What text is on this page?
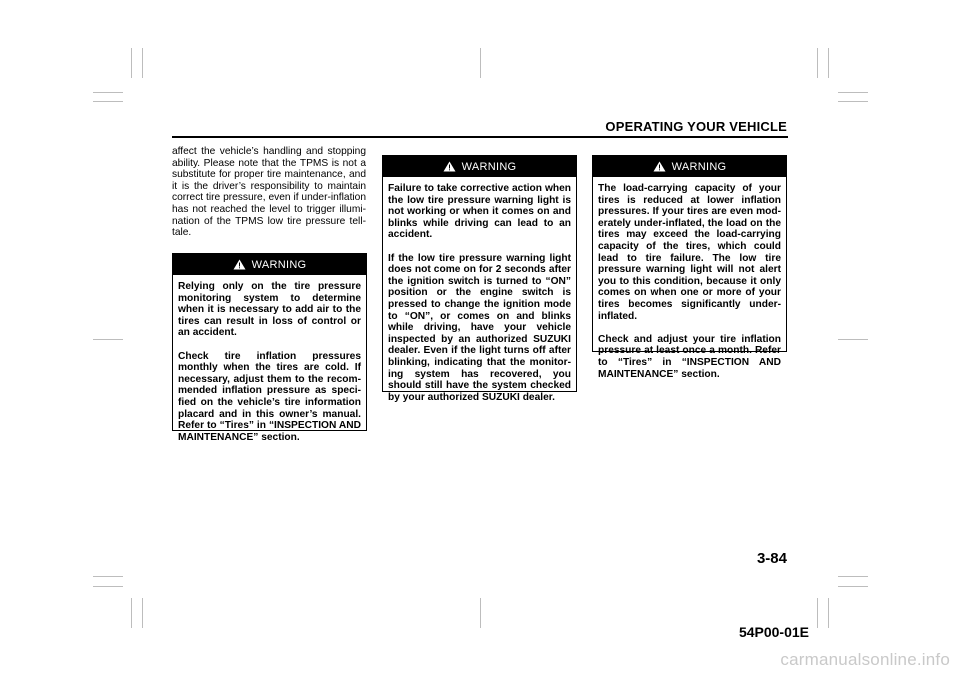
OPERATING YOUR VEHICLE
affect the vehicle’s handling and stopping ability. Please note that the TPMS is not a substitute for proper tire maintenance, and it is the driver’s responsibility to maintain correct tire pressure, even if under-inflation has not reached the level to trigger illumination of the TPMS low tire pressure telltale.
WARNING

Relying only on the tire pressure monitoring system to determine when it is necessary to add air to the tires can result in loss of control or an accident.

Check tire inflation pressures monthly when the tires are cold. If necessary, adjust them to the recommended inflation pressure as specified on the vehicle’s tire information placard and in this owner’s manual. Refer to “Tires” in “INSPECTION AND MAINTENANCE” section.

WARNING

Failure to take corrective action when the low tire pressure warning light is not working or when it comes on and blinks while driving can lead to an accident.

If the low tire pressure warning light does not come on for 2 seconds after the ignition switch is turned to “ON” position or the engine switch is pressed to change the ignition mode to “ON”, or comes on and blinks while driving, have your vehicle inspected by an authorized SUZUKI dealer. Even if the light turns off after blinking, indicating that the monitoring system has recovered, you should still have the system checked by your authorized SUZUKI dealer.

WARNING

The load-carrying capacity of your tires is reduced at lower inflation pressures. If your tires are even moderately under-inflated, the load on the tires may exceed the load-carrying capacity of the tires, which could lead to tire failure. The low tire pressure warning light will not alert you to this condition, because it only comes on when one or more of your tires becomes significantly under-inflated.

Check and adjust your tire inflation pressure at least once a month. Refer to “Tires” in “INSPECTION AND MAINTENANCE” section.

3-84
54P00-01E
carmanualsonline.info
